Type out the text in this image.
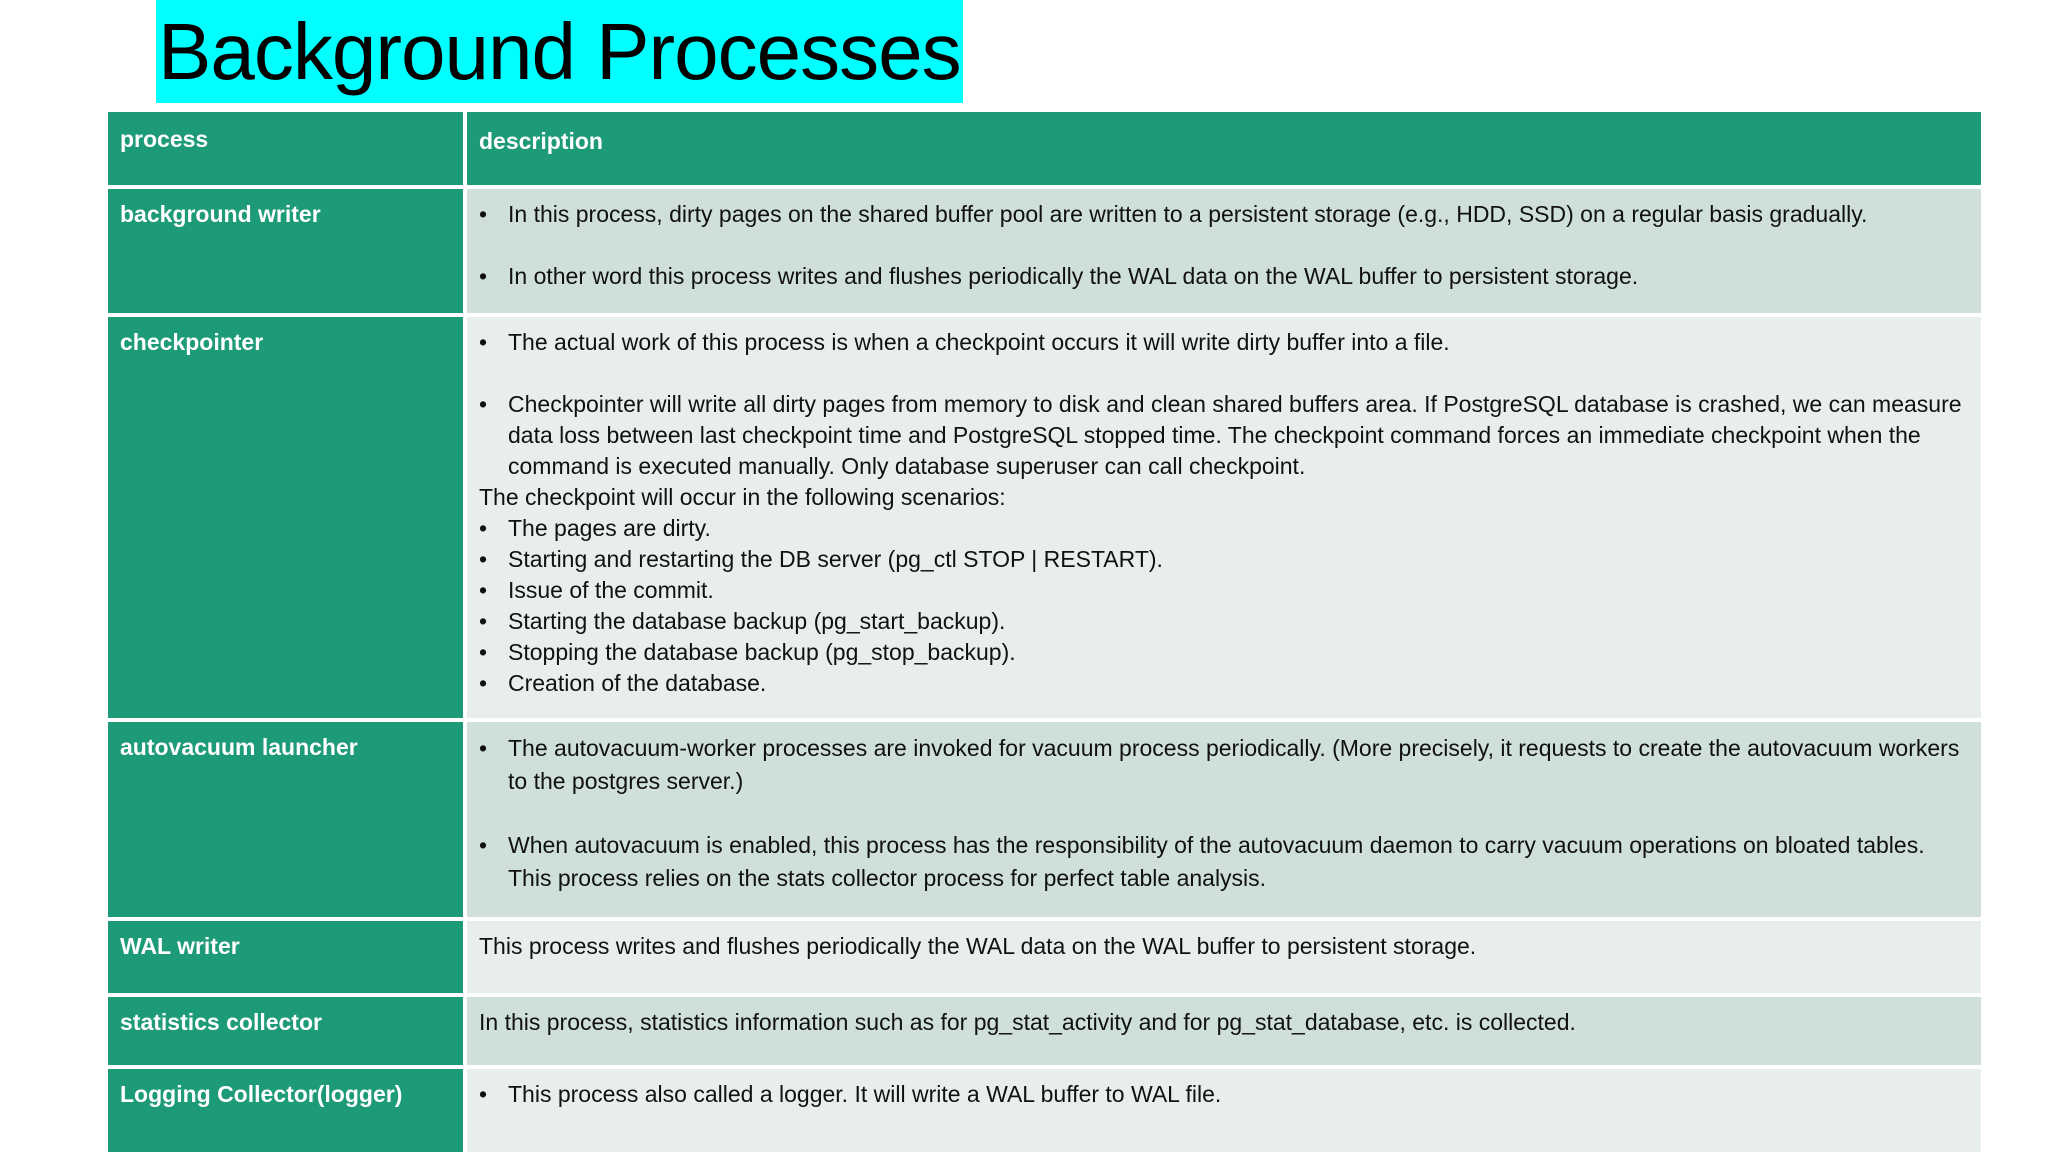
Background Processes
process	description
background writer	• In this process, dirty pages on the shared buffer pool are written to a persistent storage (e.g., HDD, SSD) on a regular basis gradually.
• In other word this process writes and flushes periodically the WAL data on the WAL buffer to persistent storage.
checkpointer	• The actual work of this process is when a checkpoint occurs it will write dirty buffer into a file.
• Checkpointer will write all dirty pages from memory to disk and clean shared buffers area. If PostgreSQL database is crashed, we can measure data loss between last checkpoint time and PostgreSQL stopped time. The checkpoint command forces an immediate checkpoint when the command is executed manually. Only database superuser can call checkpoint.

The checkpoint will occur in the following scenarios:

• The pages are dirty.
• Starting and restarting the DB server (pg_ctl STOP | RESTART).
• Issue of the commit.
• Starting the database backup (pg_start_backup).
• Stopping the database backup (pg_stop_backup).
• Creation of the database.
autovacuum launcher	• The autovacuum-worker processes are invoked for vacuum process periodically. (More precisely, it requests to create the autovacuum workers to the postgres server.)
• When autovacuum is enabled, this process has the responsibility of the autovacuum daemon to carry vacuum operations on bloated tables. This process relies on the stats collector process for perfect table analysis.
WAL writer	This process writes and flushes periodically the WAL data on the WAL buffer to persistent storage.
statistics collector	In this process, statistics information such as for pg_stat_activity and for pg_stat_database, etc. is collected.
Logging Collector(logger)	• This process also called a logger. It will write a WAL buffer to WAL file.
